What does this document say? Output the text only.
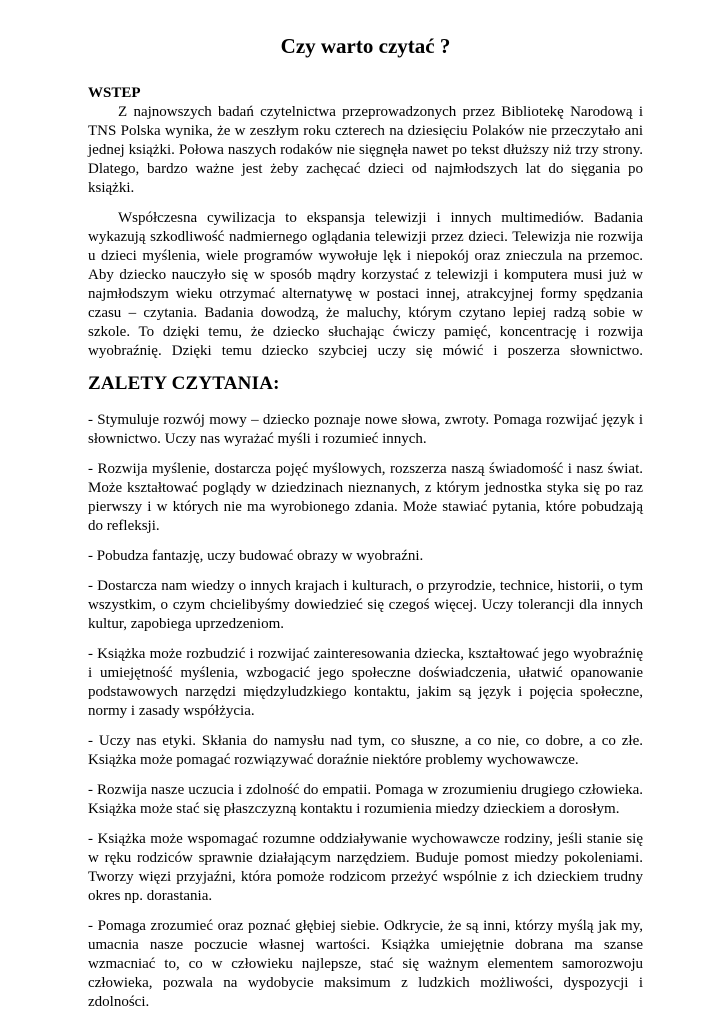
Czy warto czytać ?
WSTEP

Z najnowszych badań czytelnictwa przeprowadzonych przez Bibliotekę Narodową i TNS Polska wynika, że w zeszłym roku czterech na dziesięciu Polaków nie przeczytało ani jednej książki. Połowa naszych rodaków nie sięgnęła nawet po tekst dłuższy niż trzy strony. Dlatego, bardzo ważne jest żeby zachęcać dzieci od najmłodszych lat do sięgania po książki.

Współczesna cywilizacja to ekspansja telewizji i innych multimediów. Badania wykazują szkodliwość nadmiernego oglądania telewizji przez dzieci. Telewizja nie rozwija u dzieci myślenia, wiele programów wywołuje lęk i niepokój oraz znieczula na przemoc. Aby dziecko nauczyło się w sposób mądry korzystać z telewizji i komputera musi już w najmłodszym wieku otrzymać alternatywę w postaci innej, atrakcyjnej formy spędzania czasu – czytania. Badania dowodzą, że maluchy, którym czytano lepiej radzą sobie w szkole. To dzięki temu, że dziecko słuchając ćwiczy pamięć, koncentrację i rozwija wyobraźnię. Dzięki temu dziecko szybciej uczy się mówić i poszerza słownictwo.

ZALETY CZYTANIA:

- Stymuluje rozwój mowy – dziecko poznaje nowe słowa, zwroty. Pomaga rozwijać język i słownictwo. Uczy nas wyrażać myśli i rozumieć innych.

- Rozwija myślenie, dostarcza pojęć myślowych, rozszerza naszą świadomość i nasz świat. Może kształtować poglądy w dziedzinach nieznanych, z którym jednostka styka się po raz pierwszy i w których nie ma wyrobionego zdania. Może stawiać pytania, które pobudzają do refleksji.

- Pobudza fantazję, uczy budować obrazy w wyobraźni.

- Dostarcza nam wiedzy o innych krajach i kulturach, o przyrodzie, technice, historii, o tym wszystkim, o czym chcielibyśmy dowiedzieć się czegoś więcej. Uczy tolerancji dla innych kultur, zapobiega uprzedzeniom.

- Książka może rozbudzić i rozwijać zainteresowania dziecka, kształtować jego wyobraźnię i umiejętność myślenia, wzbogacić jego społeczne doświadczenia, ułatwić opanowanie podstawowych narzędzi międzyludzkiego kontaktu, jakim są język i pojęcia społeczne, normy i zasady współżycia.

- Uczy nas etyki. Skłania do namysłu nad tym, co słuszne, a co nie, co dobre, a co złe. Książka może pomagać rozwiązywać doraźnie niektóre problemy wychowawcze.

- Rozwija nasze uczucia i zdolność do empatii. Pomaga w zrozumieniu drugiego człowieka. Książka może stać się płaszczyzną kontaktu i rozumienia miedzy dzieckiem a dorosłym.

- Książka może wspomagać rozumne oddziaływanie wychowawcze rodziny, jeśli stanie się w ręku rodziców sprawnie działającym narzędziem. Buduje pomost miedzy pokoleniami. Tworzy więzi przyjaźni, która pomoże rodzicom przeżyć wspólnie z ich dzieckiem trudny okres np. dorastania.

- Pomaga zrozumieć oraz poznać głębiej siebie. Odkrycie, że są inni, którzy myślą jak my, umacnia nasze poczucie własnej wartości. Książka umiejętnie dobrana ma szanse wzmacniać to, co w człowieku najlepsze, stać się ważnym elementem samorozwoju człowieka, pozwala na wydobycie maksimum z ludzkich możliwości, dyspozycji i zdolności.
